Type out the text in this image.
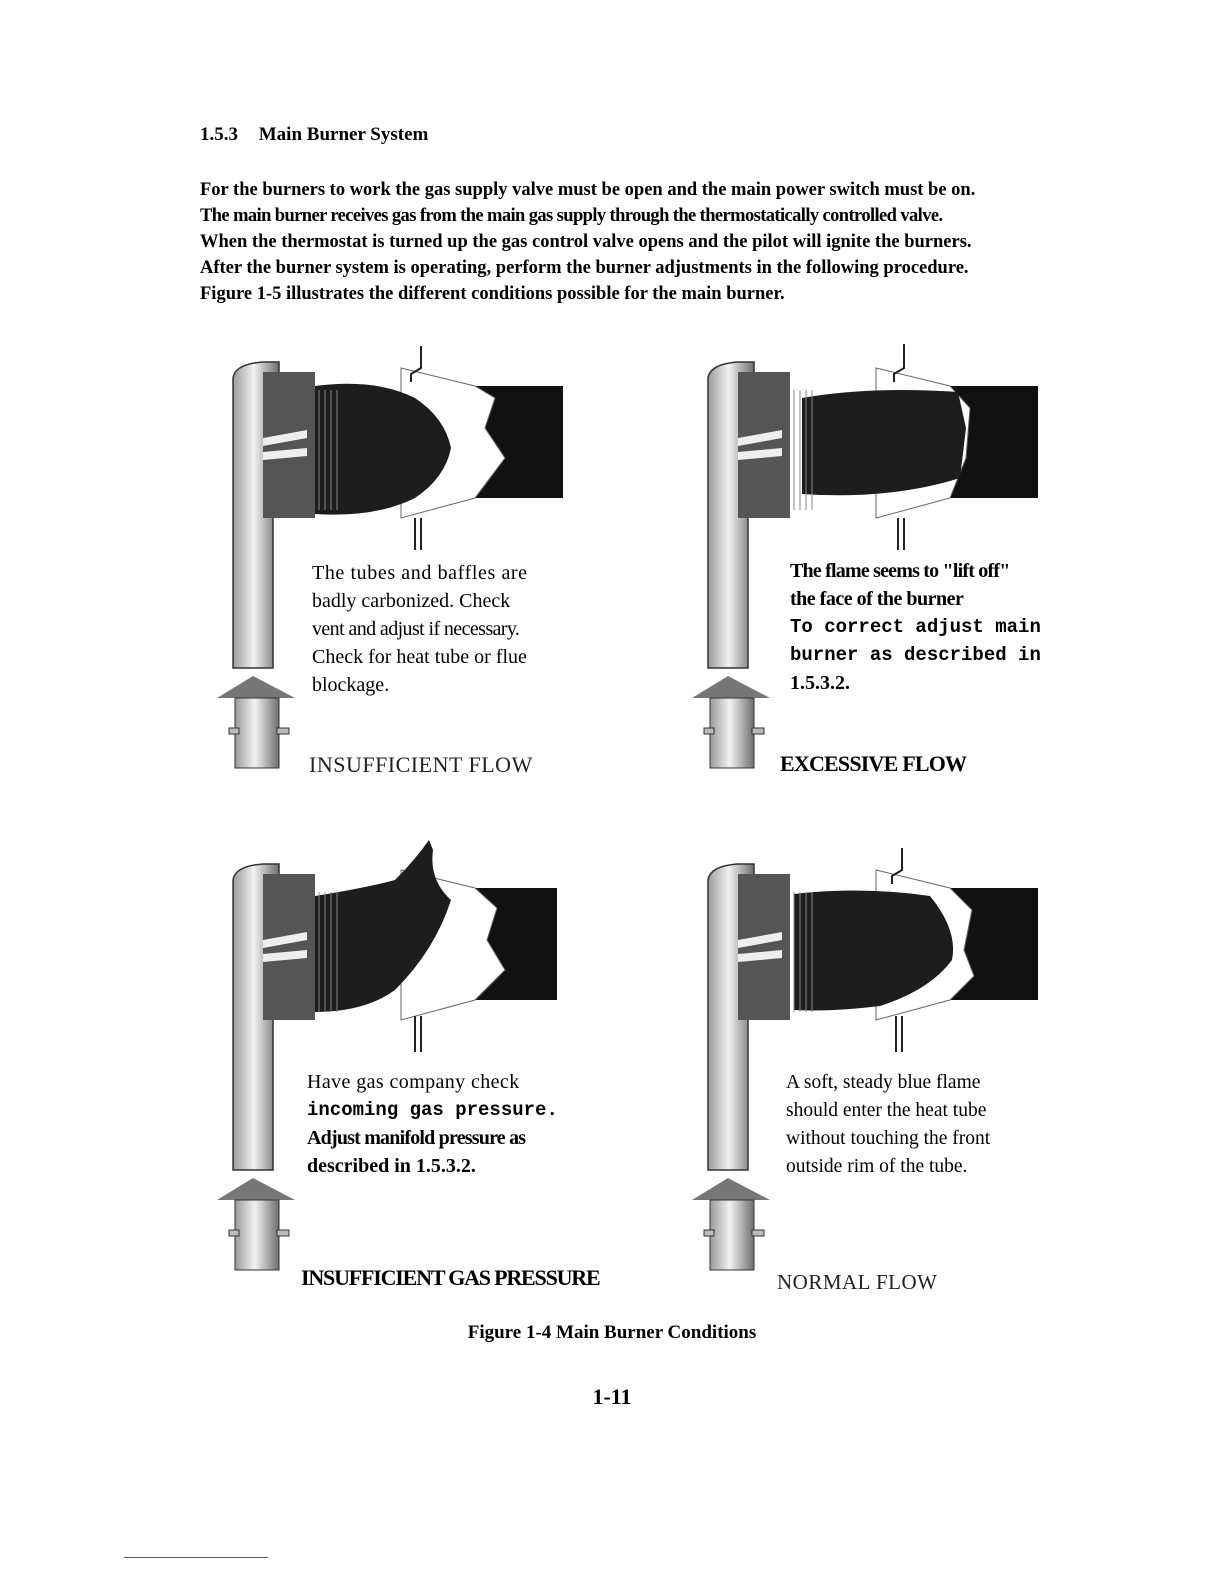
1.5.3 Main Burner System

For the burners to work the gas supply valve must be open and the main power switch must be on.

The main burner receives gas from the main gas supply through the thermostatically controlled valve.

When the thermostat is turned up the gas control valve opens and the pilot will ignite the burners.

After the burner system is operating, perform the burner adjustments in the following procedure.

Figure 1-5 illustrates the different conditions possible for the main burner.

The tubes and baffles are
badly carbonized. Check
vent and adjust if necessary.
Check for heat tube or flue
blockage.
INSUFFICIENT FLOW
The flame seems to "lift off"
the face of the burner
To correct adjust main
burner as described in
1.5.3.2.
EXCESSIVE FLOW
Have gas company check
incoming gas pressure.
Adjust manifold pressure as
described in 1.5.3.2.
INSUFFICIENT GAS PRESSURE
A soft, steady blue flame
should enter the heat tube
without touching the front
outside rim of the tube.
NORMAL FLOW
Figure 1-4 Main Burner Conditions
1-11
